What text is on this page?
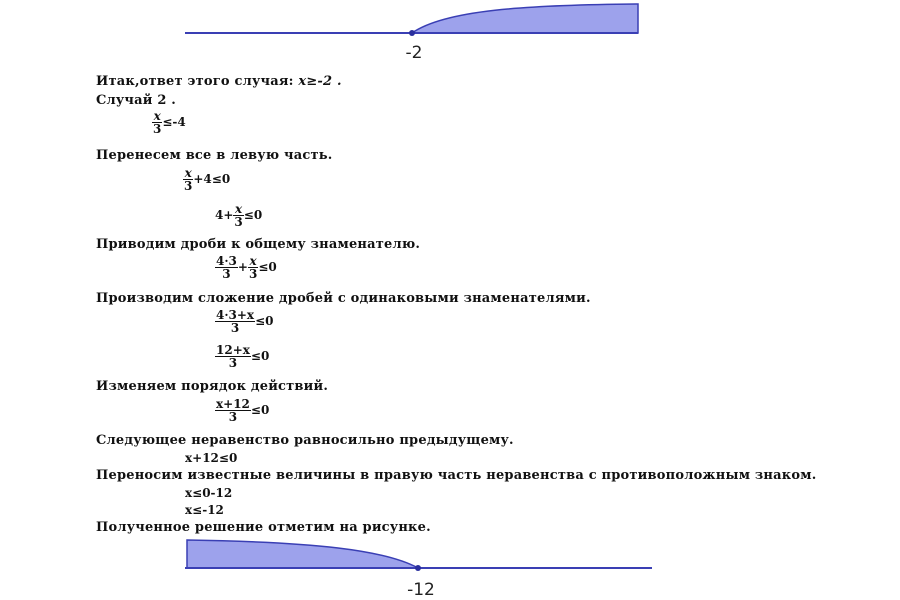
-2
Итак,ответ этого случая: x≥-2 .
Случай 2 .
$\frac{x}{3} \le-4$
Перенесем все в левую часть.
$\frac{x}{3} +4\le 0$
$4+ \frac{x}{3} \le 0$
Приводим дроби к общему знаменателю.
$\frac{4\cdot 3}{3} + \frac{x}{3} \le 0$
Производим сложение дробей с одинаковыми знаменателями.
$\frac{4\cdot 3+x}{3} \le 0$
$\frac{12+x}{3} \le 0$
Изменяем порядок действий.
$\frac{x+12}{3} \le 0$
Следующее неравенство равносильно предыдущему.
x+12≤0
Переносим известные величины в правую часть неравенства с противоположным знаком.
x≤0-12
x≤-12
Полученное решение отметим на рисунке.
-12
